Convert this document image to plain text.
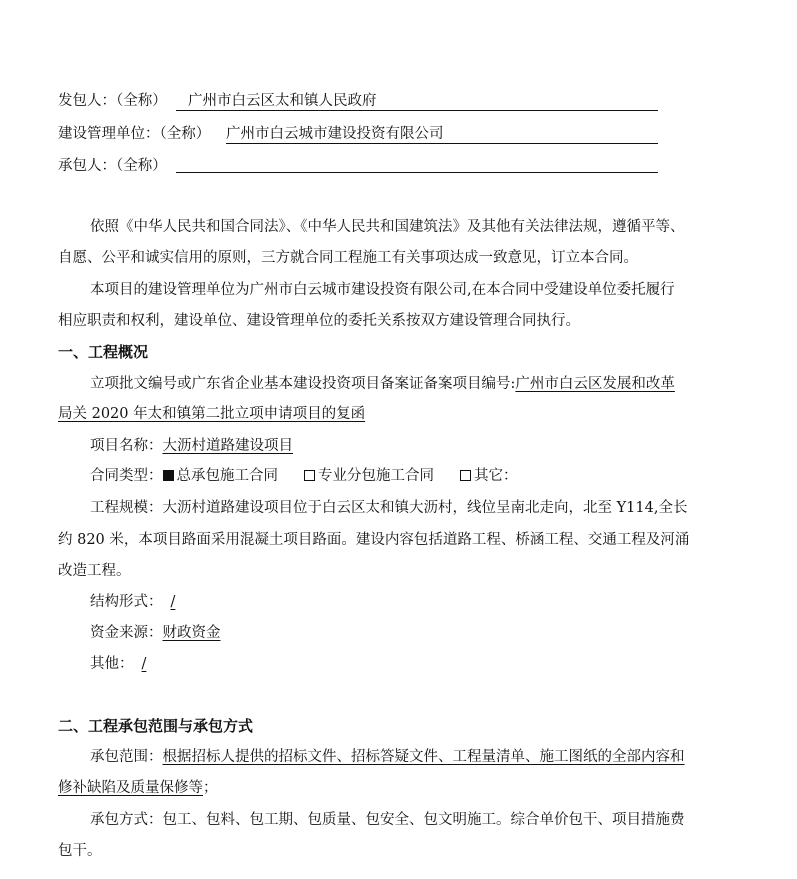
发包人：（全称） 广州市白云区太和镇人民政府
建设管理单位：（全称） 广州市白云城市建设投资有限公司
承包人：（全称）
依照《中华人民共和国合同法》、《中华人民共和国建筑法》及其他有关法律法规，遵循平等、
自愿、公平和诚实信用的原则，三方就合同工程施工有关事项达成一致意见，订立本合同。
本项目的建设管理单位为广州市白云城市建设投资有限公司,在本合同中受建设单位委托履行
相应职责和权利，建设单位、建设管理单位的委托关系按双方建设管理合同执行。
一、工程概况
立项批文编号或广东省企业基本建设投资项目备案证备案项目编号:广州市白云区发展和改革
局关 2020 年太和镇第二批立项申请项目的复函
项目名称：大沥村道路建设项目
合同类型： 总承包施工合同	专业分包施工合同	其它：
工程规模：大沥村道路建设项目位于白云区太和镇大沥村，线位呈南北走向，北至 Y114,全长
约 820 米，本项目路面采用混凝土项目路面。建设内容包括道路工程、桥涵工程、交通工程及河涌
改造工程。
结构形式： /
资金来源：财政资金
其他： /
二、工程承包范围与承包方式
承包范围：根据招标人提供的招标文件、招标答疑文件、工程量清单、施工图纸的全部内容和
修补缺陷及质量保修等；
承包方式：包工、包料、包工期、包质量、包安全、包文明施工。综合单价包干、项目措施费
包干。
